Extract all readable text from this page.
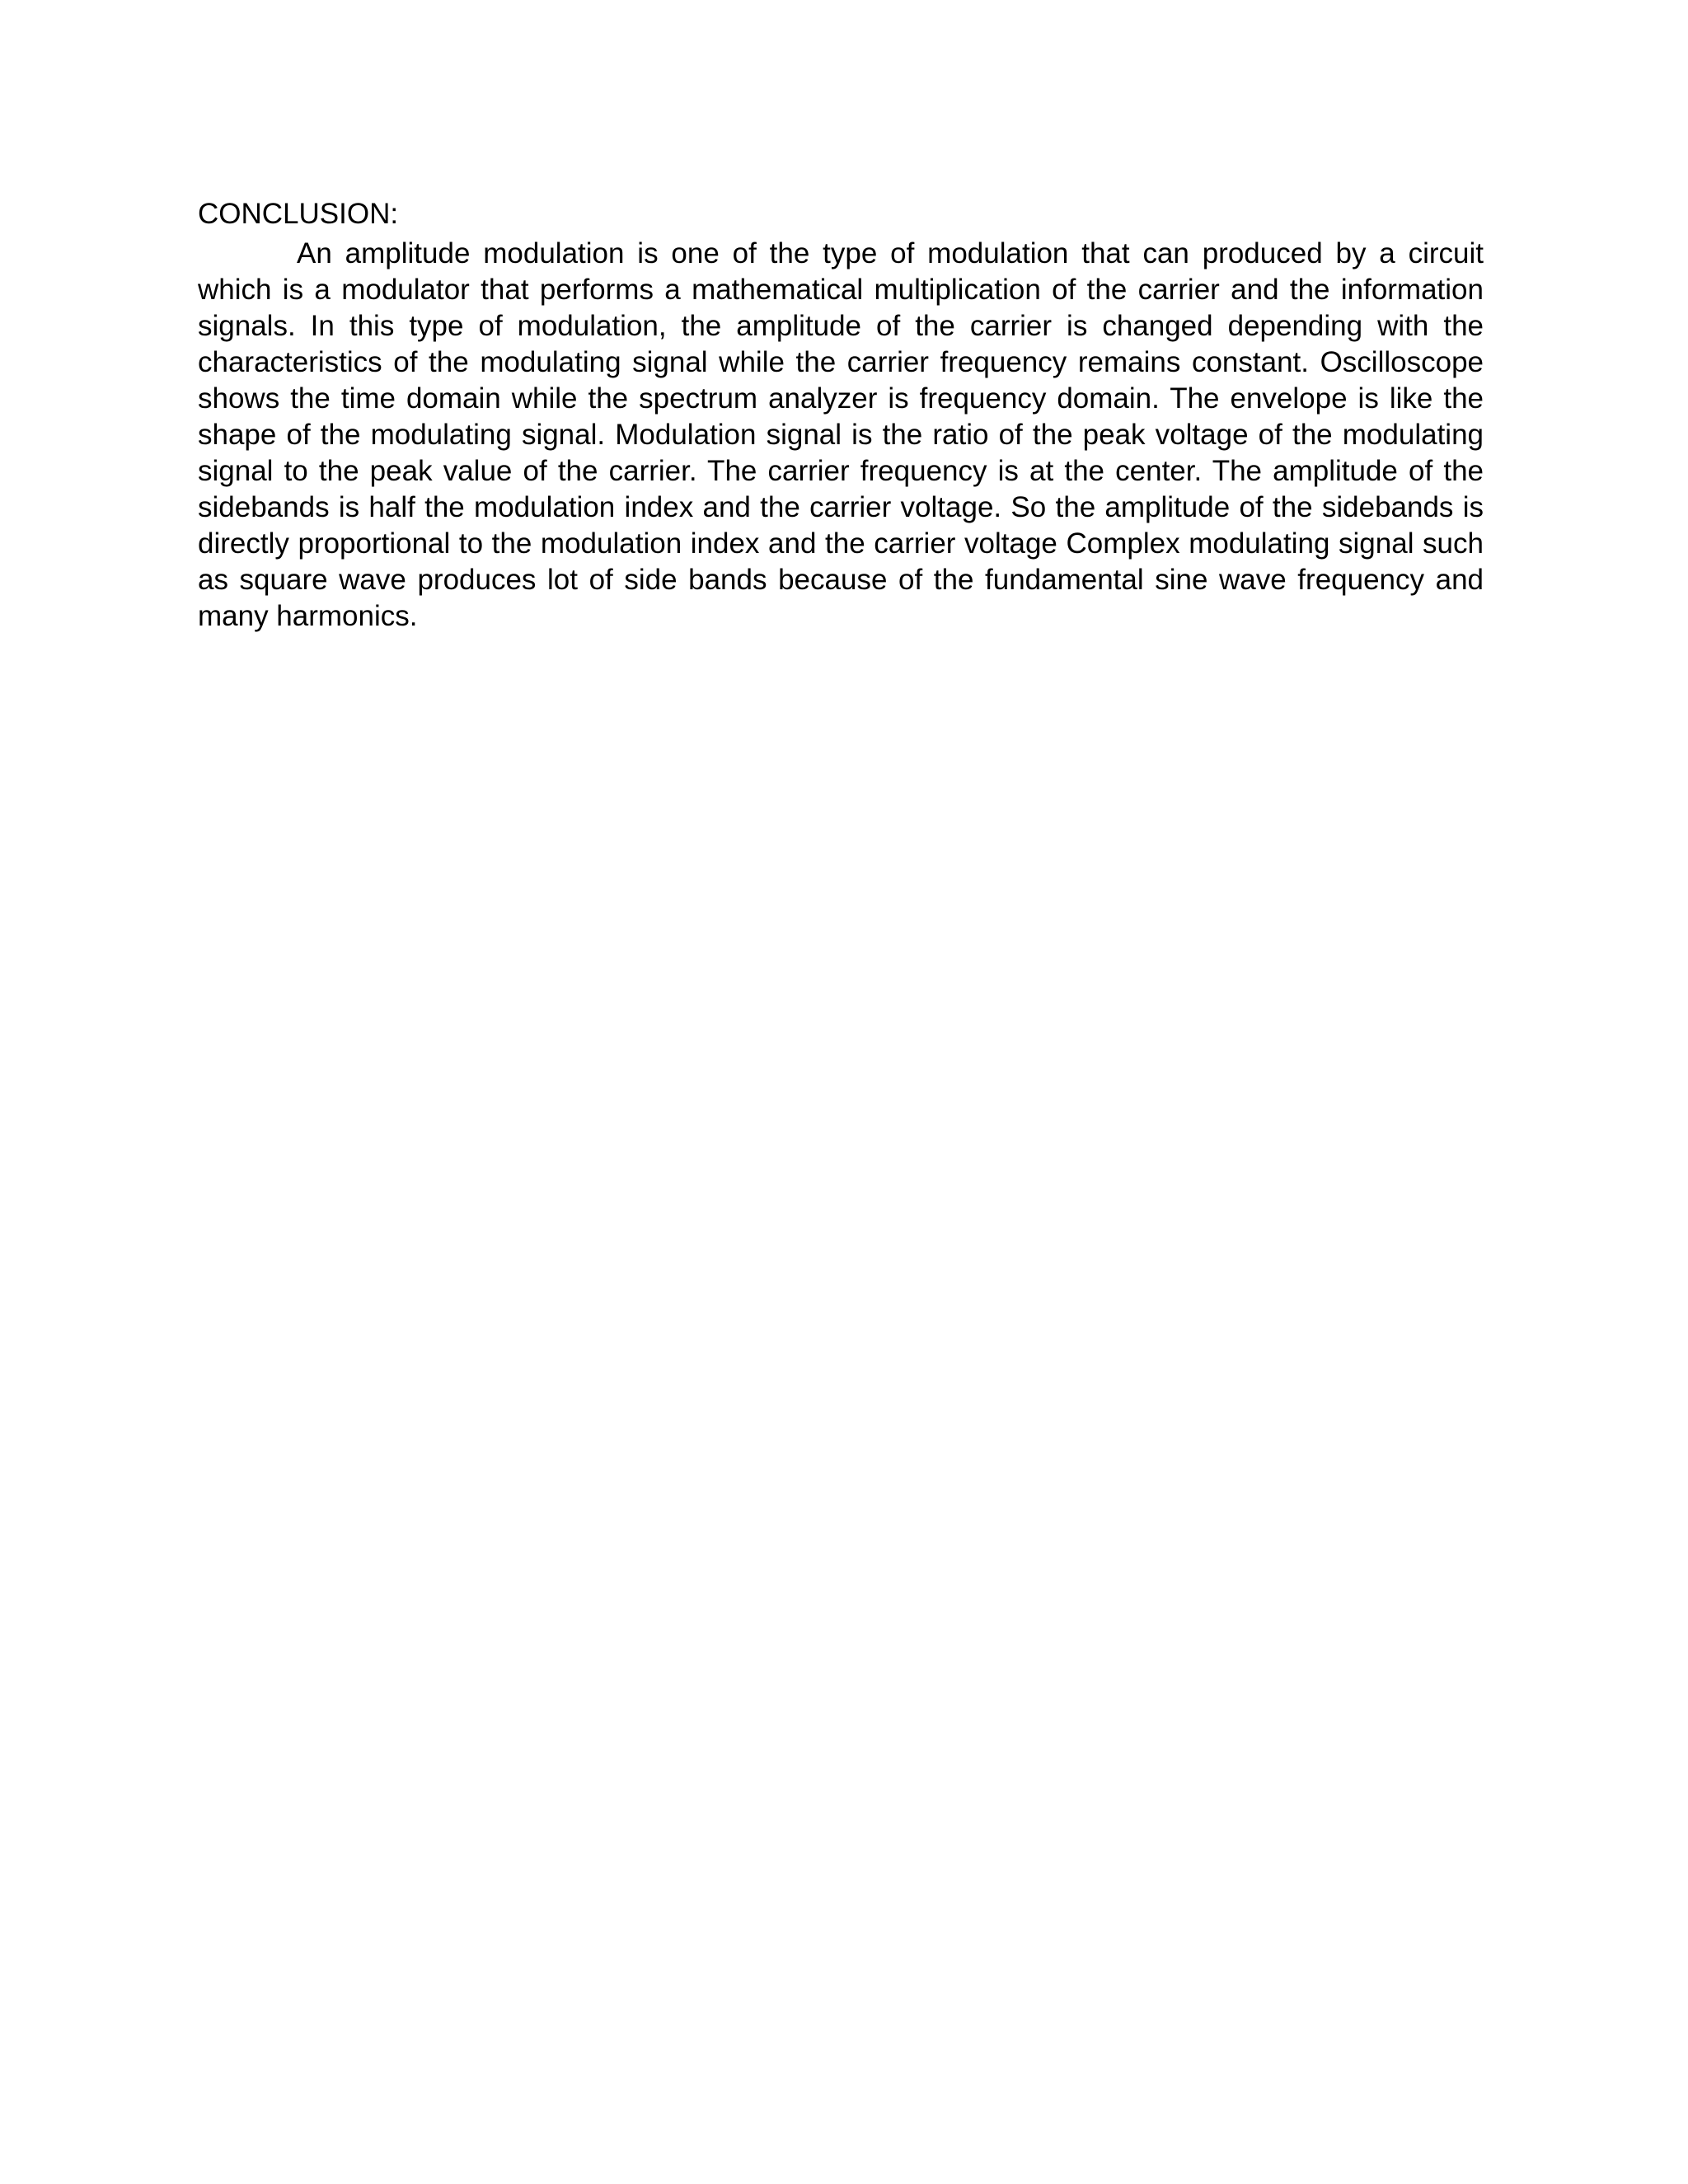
CONCLUSION:

An amplitude modulation is one of the type of modulation that can produced by a circuit which is a modulator that performs a mathematical multiplication of the carrier and the information signals. In this type of modulation, the amplitude of the carrier is changed depending with the characteristics of the modulating signal while the carrier frequency remains constant. Oscilloscope shows the time domain while the spectrum analyzer is frequency domain. The envelope is like the shape of the modulating signal. Modulation signal is the ratio of the peak voltage of the modulating signal to the peak value of the carrier. The carrier frequency is at the center. The amplitude of the sidebands is half the modulation index and the carrier voltage. So the amplitude of the sidebands is directly proportional to the modulation index and the carrier voltage Complex modulating signal such as square wave produces lot of side bands because of the fundamental sine wave frequency and many harmonics.
